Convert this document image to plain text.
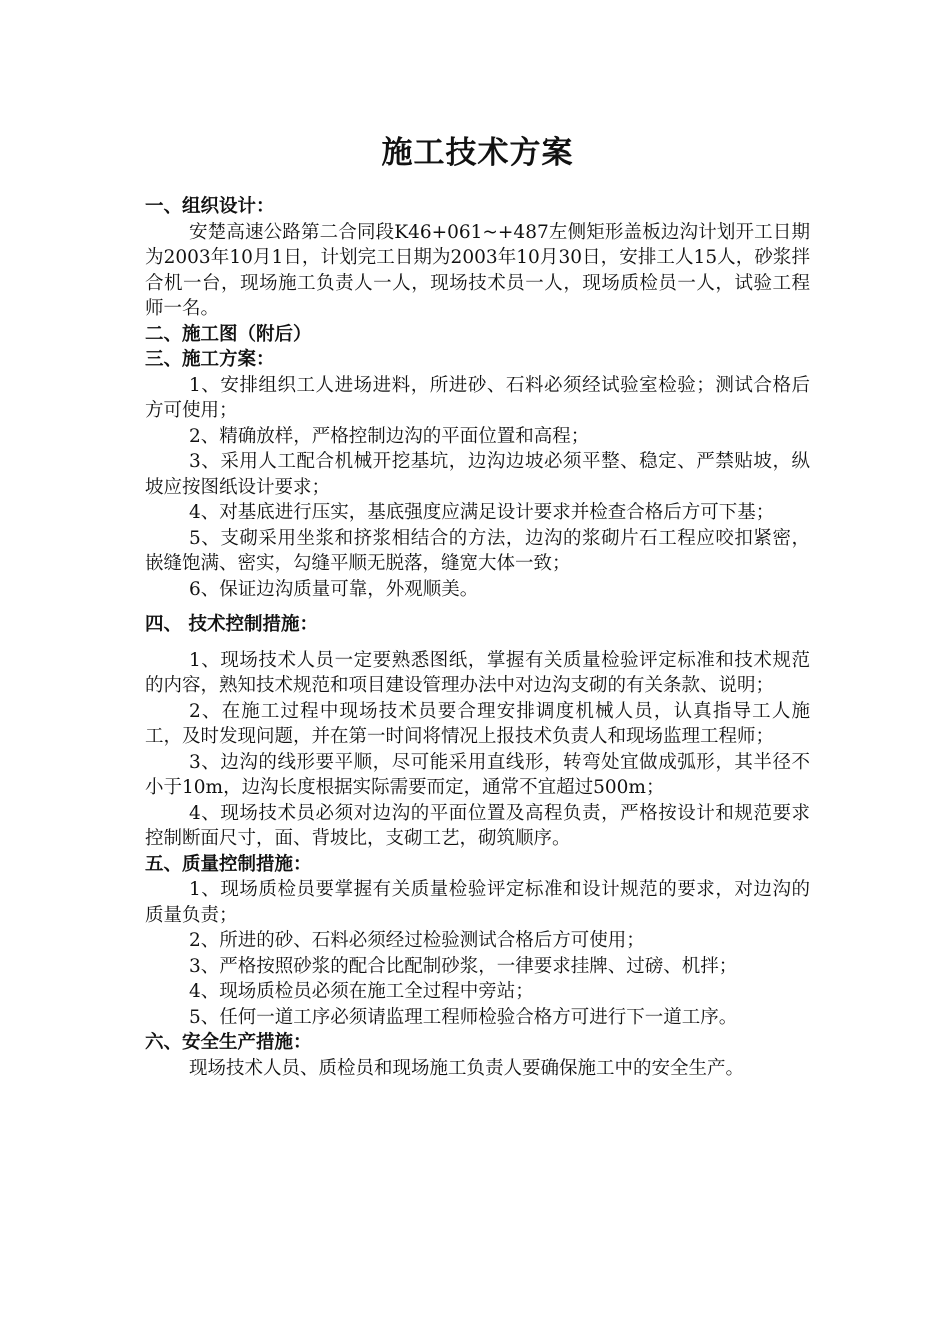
施工技术方案
一、组织设计：

安楚高速公路第二合同段K46+061~+487左侧矩形盖板边沟计划开工日期为2003年10月1日，计划完工日期为2003年10月30日，安排工人15人，砂浆拌合机一台，现场施工负责人一人，现场技术员一人，现场质检员一人，试验工程师一名。

二、施工图（附后）
三、施工方案：

1、安排组织工人进场进料，所进砂、石料必须经试验室检验；测试合格后方可使用；

2、精确放样，严格控制边沟的平面位置和高程；

3、采用人工配合机械开挖基坑，边沟边坡必须平整、稳定、严禁贴坡，纵坡应按图纸设计要求；

4、对基底进行压实，基底强度应满足设计要求并检查合格后方可下基；

5、支砌采用坐浆和挤浆相结合的方法，边沟的浆砌片石工程应咬扣紧密，嵌缝饱满、密实，勾缝平顺无脱落，缝宽大体一致；

6、保证边沟质量可靠，外观顺美。

四、 技术控制措施：

1、现场技术人员一定要熟悉图纸，掌握有关质量检验评定标准和技术规范的内容，熟知技术规范和项目建设管理办法中对边沟支砌的有关条款、说明；

2、在施工过程中现场技术员要合理安排调度机械人员，认真指导工人施工，及时发现问题，并在第一时间将情况上报技术负责人和现场监理工程师；

3、边沟的线形要平顺，尽可能采用直线形，转弯处宜做成弧形，其半径不小于10m，边沟长度根据实际需要而定，通常不宜超过500m；

4、现场技术员必须对边沟的平面位置及高程负责，严格按设计和规范要求控制断面尺寸，面、背坡比，支砌工艺，砌筑顺序。

五、质量控制措施：

1、现场质检员要掌握有关质量检验评定标准和设计规范的要求，对边沟的质量负责；

2、所进的砂、石料必须经过检验测试合格后方可使用；

3、严格按照砂浆的配合比配制砂浆，一律要求挂牌、过磅、机拌；

4、现场质检员必须在施工全过程中旁站；

5、任何一道工序必须请监理工程师检验合格方可进行下一道工序。

六、安全生产措施：

现场技术人员、质检员和现场施工负责人要确保施工中的安全生产。
